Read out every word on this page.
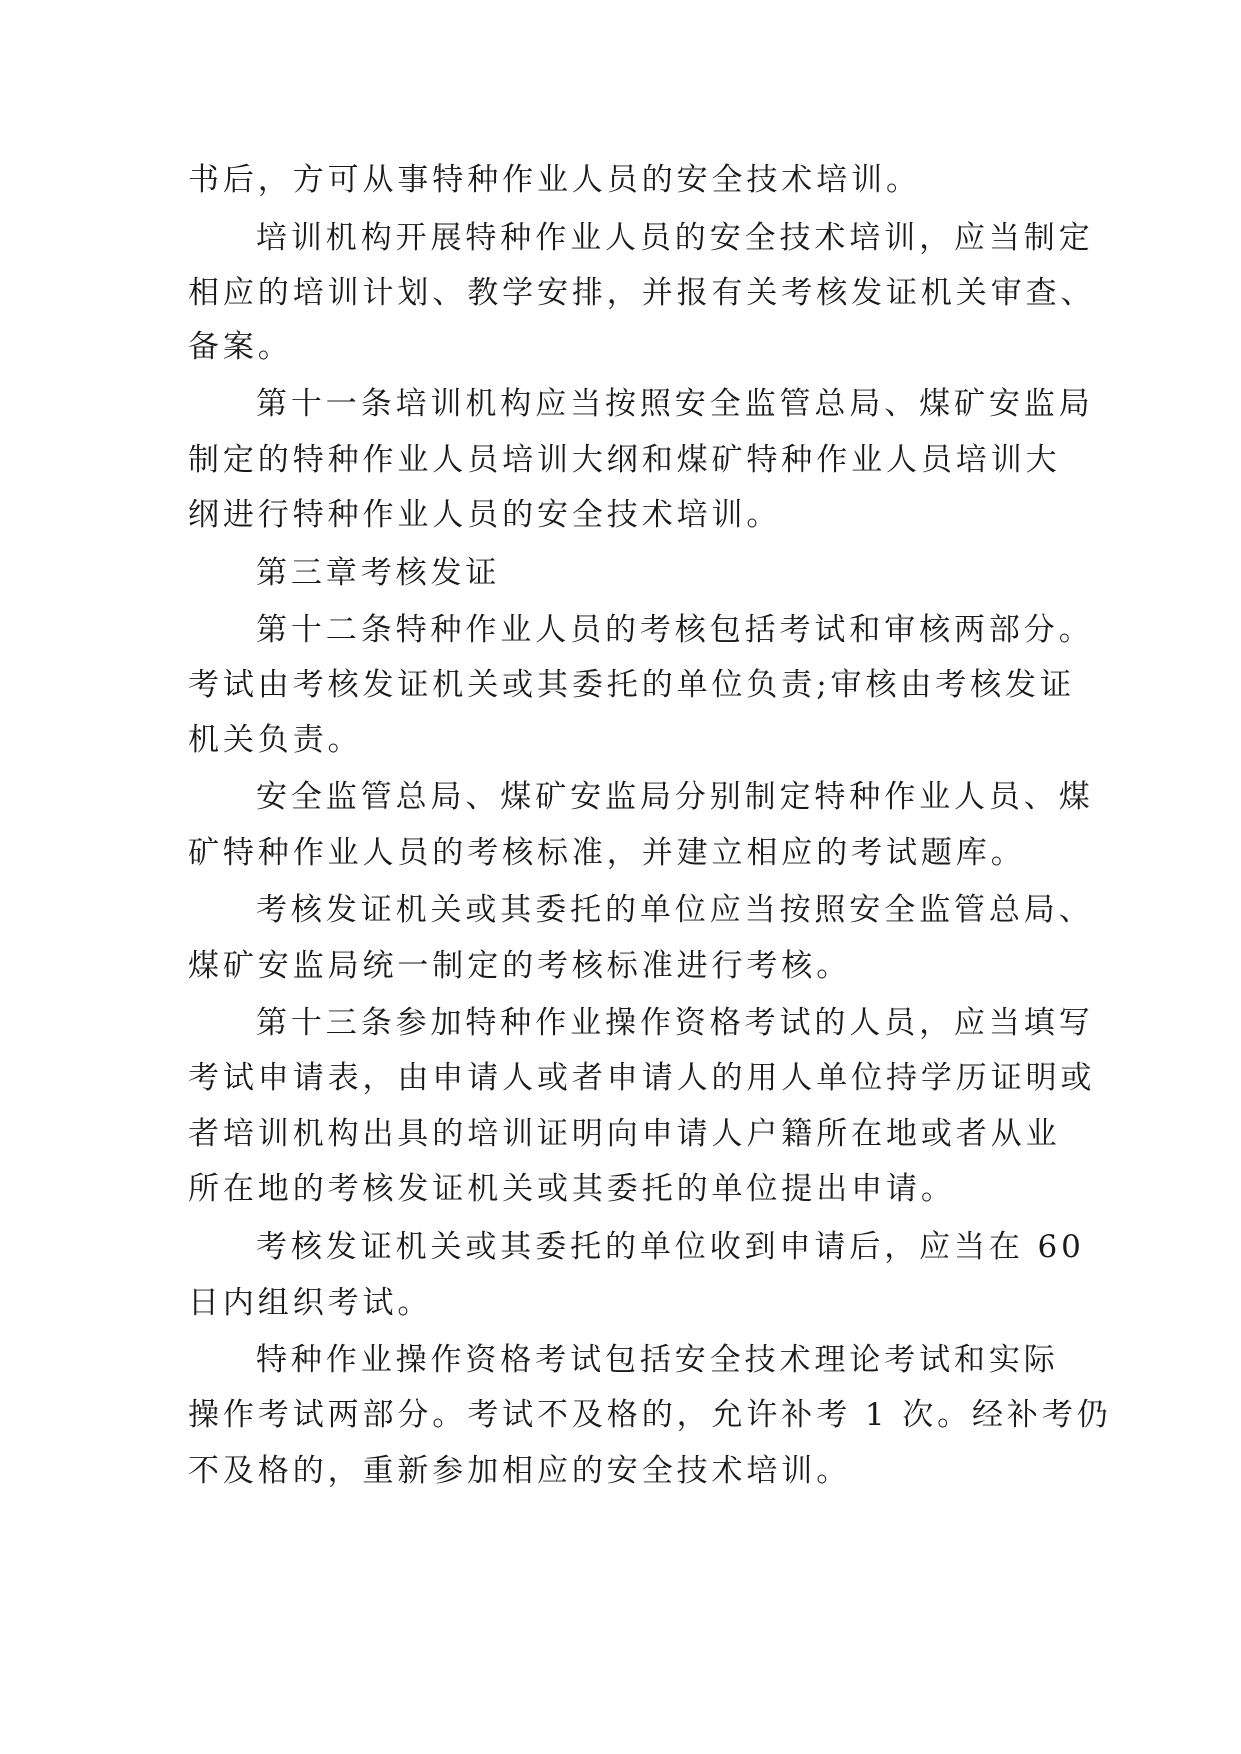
书后，方可从事特种作业人员的安全技术培训。
培训机构开展特种作业人员的安全技术培训，应当制定
相应的培训计划、教学安排，并报有关考核发证机关审查、
备案。
第十一条培训机构应当按照安全监管总局、煤矿安监局
制定的特种作业人员培训大纲和煤矿特种作业人员培训大
纲进行特种作业人员的安全技术培训。
第三章考核发证
第十二条特种作业人员的考核包括考试和审核两部分。
考试由考核发证机关或其委托的单位负责;审核由考核发证
机关负责。
安全监管总局、煤矿安监局分别制定特种作业人员、煤
矿特种作业人员的考核标准，并建立相应的考试题库。
考核发证机关或其委托的单位应当按照安全监管总局、
煤矿安监局统一制定的考核标准进行考核。
第十三条参加特种作业操作资格考试的人员，应当填写
考试申请表，由申请人或者申请人的用人单位持学历证明或
者培训机构出具的培训证明向申请人户籍所在地或者从业
所在地的考核发证机关或其委托的单位提出申请。
考核发证机关或其委托的单位收到申请后，应当在 60
日内组织考试。
特种作业操作资格考试包括安全技术理论考试和实际
操作考试两部分。考试不及格的，允许补考 1 次。经补考仍
不及格的，重新参加相应的安全技术培训。
